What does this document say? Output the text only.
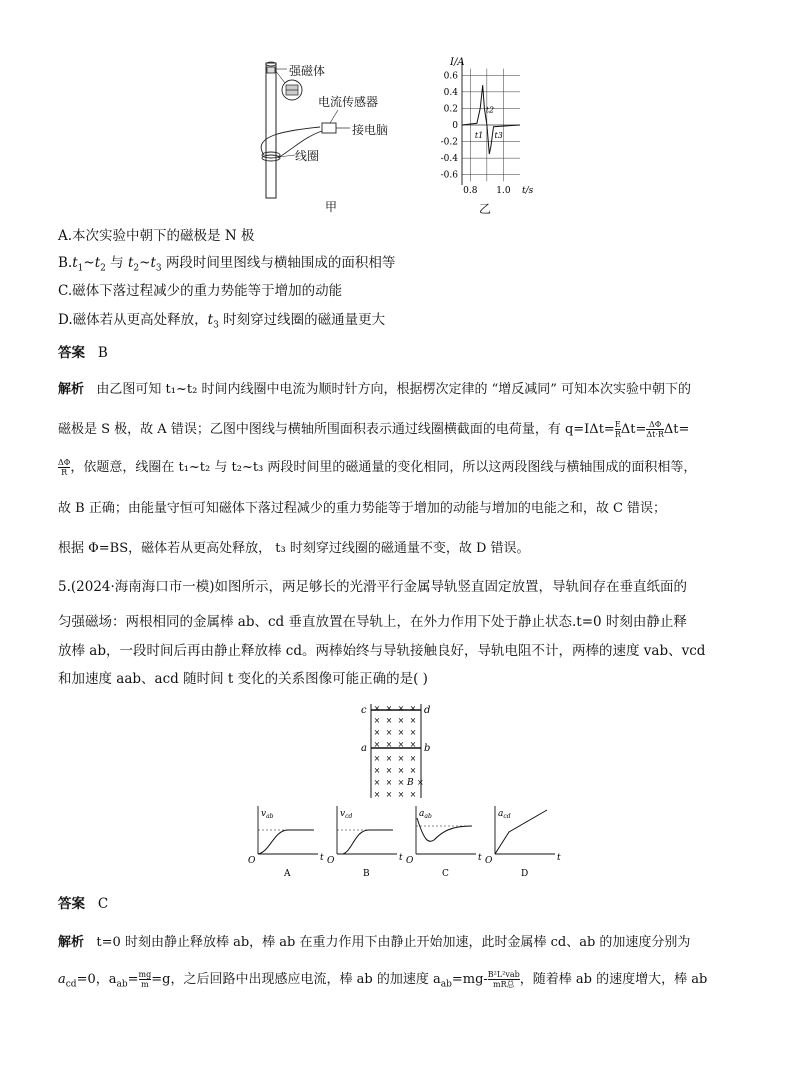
强磁体
电流传感器
接电脑
线圈
甲
0.6
0.4
0.2
0
-0.2
-0.4
-0.6
I/A
0.8 1.0 t/s
t1
t2
t3
乙
A.本次实验中朝下的磁极是 N 极
$B.t_1\sim t_2$ 与 $t_2\sim t_3$ 两段时间里图线与横轴围成的面积相等
C.磁体下落过程减少的重力势能等于增加的动能
D.磁体若从更高处释放，$t_3$ 时刻穿过线圈的磁通量更大
答案 B
解析 由乙图可知 t₁~t₂ 时间内线圈中电流为顺时针方向，根据楞次定律的 “增反减同” 可知本次实验中朝下的
磁极是 S 极，故 A 错误；乙图中图线与横轴所围面积表示通过线圈横截面的电荷量，有 $q=I\Delta t= \frac{E}{R} \Delta t= \frac{\Delta\Phi}{\Delta t\cdot R} \Delta t=$
$\frac{\Delta\Phi}{R}$ ，依题意，线圈在 t₁~t₂ 与 t₂~t₃ 两段时间里的磁通量的变化相同，所以这两段图线与横轴围成的面积相等，
故 B 正确；由能量守恒可知磁体下落过程减少的重力势能等于增加的动能与增加的电能之和，故 C 错误；
根据 Φ=BS，磁体若从更高处释放， t₃ 时刻穿过线圈的磁通量不变，故 D 错误。
5.(2024·海南海口市一模)如图所示，两足够长的光滑平行金属导轨竖直固定放置，导轨间存在垂直纸面的
匀强磁场：两根相同的金属棒 ab、cd 垂直放置在导轨上，在外力作用下处于静止状态.t=0 时刻由静止释
放棒 ab，一段时间后再由静止释放棒 cd。两棒始终与导轨接触良好，导轨电阻不计，两棒的速度 vab、vcd
和加速度 aab、acd 随时间 t 变化的关系图像可能正确的是( )
c	d
a	b
× × × ×
× × × ×
× × × ×
× × × ×
× × × ×
× × × ×
× × ×
× × × ×
B ×
O	t
$v_{ab}$
A
O	t
$v_{cd}$
B
O	t
$a_{ab}$
C
O	t
$a_{cd}$
D
答案 C
解析 t=0 时刻由静止释放棒 ab，棒 ab 在重力作用下由静止开始加速，此时金属棒 cd、ab 的加速度分别为
$a_{cd}=0$，$a_{ab}= \frac{mg}{m} =g$，之后回路中出现感应电流，棒 ab 的加速度 $a_{ab}=mg-$ B²L²vab
mR总 ，随着棒 ab 的速度增大，棒 ab
